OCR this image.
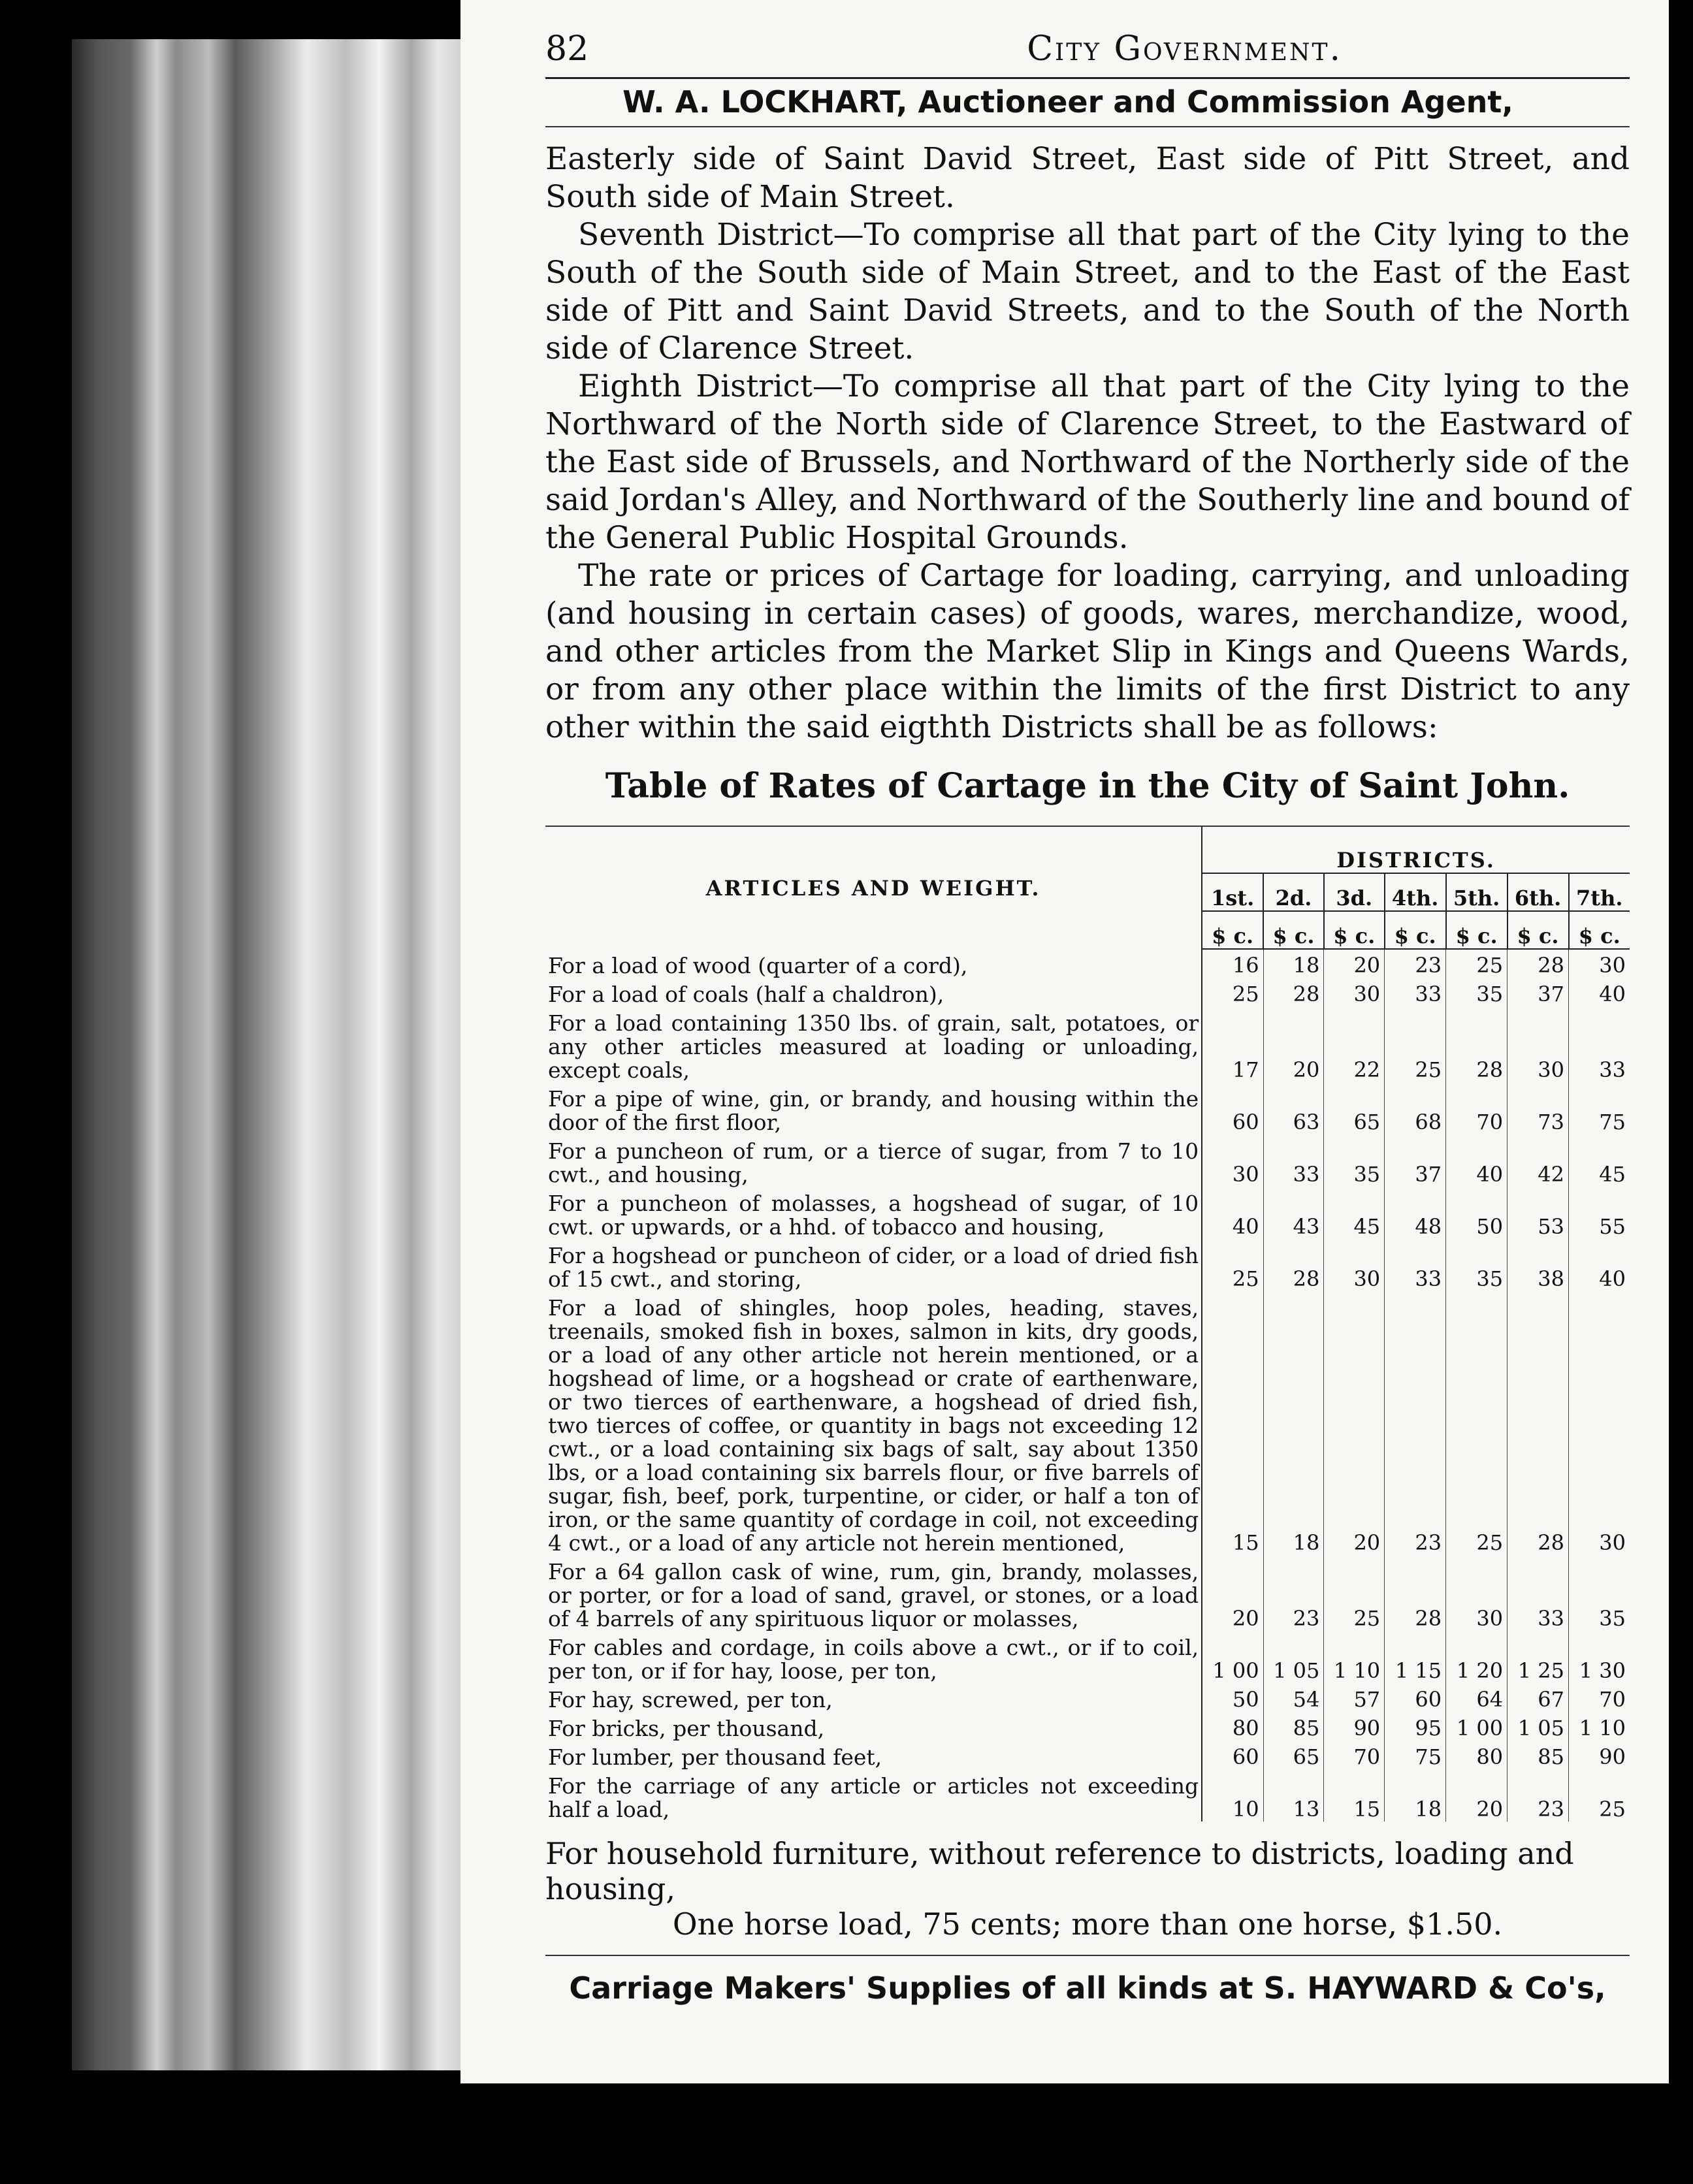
82	City Government.
W. A. LOCKHART, Auctioneer and Commission Agent,

Easterly side of Saint David Street, East side of Pitt Street, and South side of Main Street.

Seventh District—To comprise all that part of the City lying to the South of the South side of Main Street, and to the East of the East side of Pitt and Saint David Streets, and to the South of the North side of Clarence Street.

Eighth District—To comprise all that part of the City lying to the Northward of the North side of Clarence Street, to the Eastward of the East side of Brussels, and Northward of the Northerly side of the said Jordan's Alley, and Northward of the Southerly line and bound of the General Public Hospital Grounds.

The rate or prices of Cartage for loading, carrying, and unloading (and housing in certain cases) of goods, wares, merchandize, wood, and other articles from the Market Slip in Kings and Queens Wards, or from any other place within the limits of the first District to any other within the said eigthth Districts shall be as follows:

Table of Rates of Cartage in the City of Saint John.
ARTICLES AND WEIGHT.	DISTRICTS.						
	1st.	2d.	3d.	4th.	5th.	6th.	7th.
	$ c.	$ c.	$ c.	$ c.	$ c.	$ c.	$ c.
For a load of wood (quarter of a cord),	16	18	20	23	25	28	30
For a load of coals (half a chaldron),	25	28	30	33	35	37	40
For a load containing 1350 lbs. of grain, salt, potatoes, or any other articles measured at loading or unloading, except coals,	17	20	22	25	28	30	33
For a pipe of wine, gin, or brandy, and housing within the door of the first floor,	60	63	65	68	70	73	75
For a puncheon of rum, or a tierce of sugar, from 7 to 10 cwt., and housing,	30	33	35	37	40	42	45
For a puncheon of molasses, a hogshead of sugar, of 10 cwt. or upwards, or a hhd. of tobacco and housing,	40	43	45	48	50	53	55
For a hogshead or puncheon of cider, or a load of dried fish of 15 cwt., and storing,	25	28	30	33	35	38	40
For a load of shingles, hoop poles, heading, staves, treenails, smoked fish in boxes, salmon in kits, dry goods, or a load of any other article not herein mentioned, or a hogshead of lime, or a hogshead or crate of earthenware, or two tierces of earthenware, a hogshead of dried fish, two tierces of coffee, or quantity in bags not exceeding 12 cwt., or a load containing six bags of salt, say about 1350 lbs, or a load containing six barrels flour, or five barrels of sugar, fish, beef, pork, turpentine, or cider, or half a ton of iron, or the same quantity of cordage in coil, not exceeding 4 cwt., or a load of any article not herein mentioned,	15	18	20	23	25	28	30
For a 64 gallon cask of wine, rum, gin, brandy, molasses, or porter, or for a load of sand, gravel, or stones, or a load of 4 barrels of any spirituous liquor or molasses,	20	23	25	28	30	33	35
For cables and cordage, in coils above a cwt., or if to coil, per ton, or if for hay, loose, per ton,	1 00	1 05	1 10	1 15	1 20	1 25	1 30
For hay, screwed, per ton,	50	54	57	60	64	67	70
For bricks, per thousand,	80	85	90	95	1 00	1 05	1 10
For lumber, per thousand feet,	60	65	70	75	80	85	90
For the carriage of any article or articles not exceeding half a load,	10	13	15	18	20	23	25
For household furniture, without reference to districts, loading and housing,
One horse load, 75 cents; more than one horse, $1.50.
Carriage Makers' Supplies of all kinds at S. HAYWARD & Co's,
